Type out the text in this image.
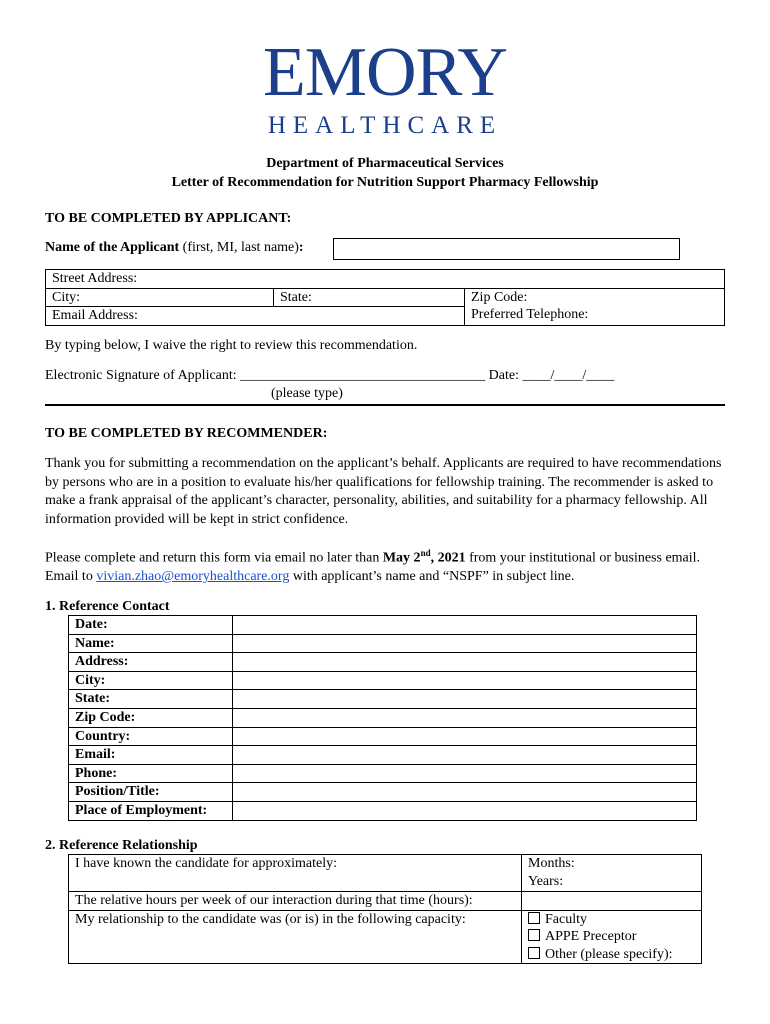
EMORY
HEALTHCARE
Department of Pharmaceutical Services
Letter of Recommendation for Nutrition Support Pharmacy Fellowship
TO BE COMPLETED BY APPLICANT:
Name of the Applicant (first, MI, last name):
Street Address:
City:	State:	Zip Code:
Preferred Telephone:

Email Address:
By typing below, I waive the right to review this recommendation.
Electronic Signature of Applicant: ___________________________________ Date: ____/____/____
(please type)
TO BE COMPLETED BY RECOMMENDER:
Thank you for submitting a recommendation on the applicant’s behalf. Applicants are required to have recommendations by persons who are in a position to evaluate his/her qualifications for fellowship training. The recommender is asked to make a frank appraisal of the applicant’s character, personality, abilities, and suitability for a pharmacy fellowship. All information provided will be kept in strict confidence.
Please complete and return this form via email no later than May 2nd, 2021 from your institutional or business email. Email to vivian.zhao@emoryhealthcare.org with applicant’s name and “NSPF” in subject line.
1. Reference Contact
Date:	
Name:	
Address:	
City:	
State:	
Zip Code:	
Country:	
Email:	
Phone:	
Position/Title:	
Place of Employment:	
2. Reference Relationship
I have known the candidate for approximately:	Months:
Years:

The relative hours per week of our interaction during that time (hours):	
My relationship to the candidate was (or is) in the following capacity:	Faculty
APPE Preceptor
Other (please specify):
